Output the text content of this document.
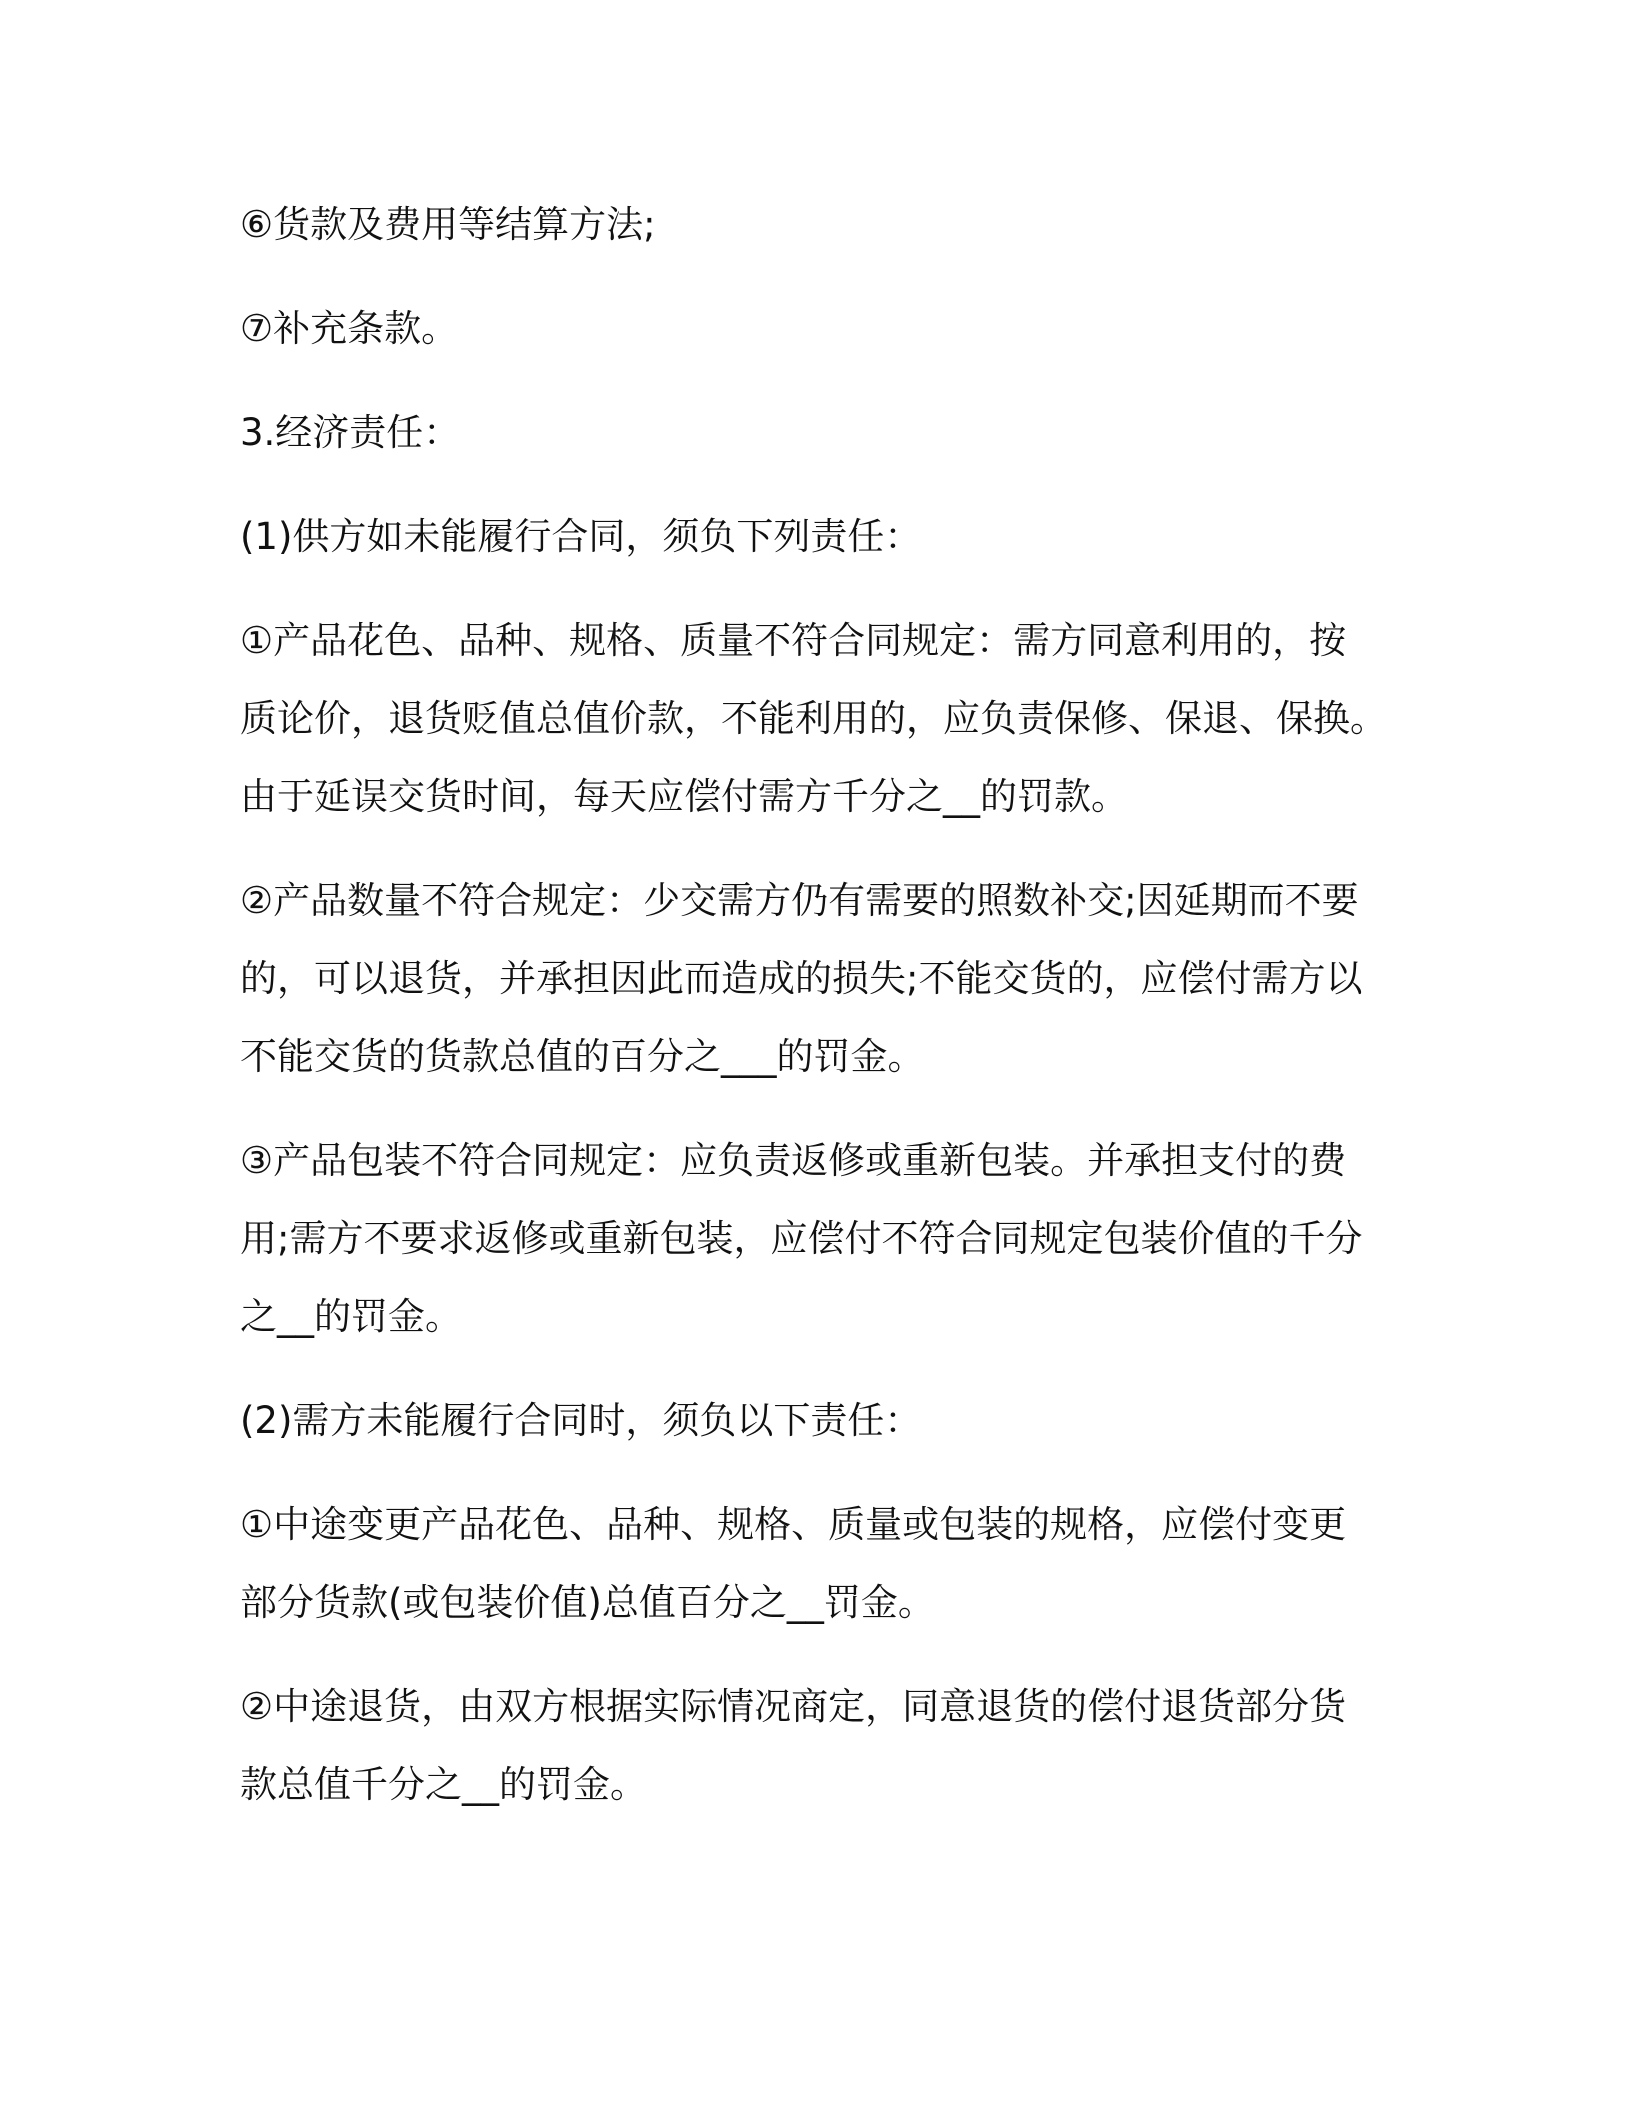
⑥货款及费用等结算方法;

⑦补充条款。

3.经济责任：

(1)供方如未能履行合同，须负下列责任：

①产品花色、品种、规格、质量不符合同规定：需方同意利用的，按
质论价，退货贬值总值价款，不能利用的，应负责保修、保退、保换。
由于延误交货时间，每天应偿付需方千分之__的罚款。

②产品数量不符合规定：少交需方仍有需要的照数补交;因延期而不要
的，可以退货，并承担因此而造成的损失;不能交货的，应偿付需方以
不能交货的货款总值的百分之___的罚金。

③产品包装不符合同规定：应负责返修或重新包装。并承担支付的费
用;需方不要求返修或重新包装，应偿付不符合同规定包装价值的千分
之__的罚金。

(2)需方未能履行合同时，须负以下责任：

①中途变更产品花色、品种、规格、质量或包装的规格，应偿付变更
部分货款(或包装价值)总值百分之__罚金。

②中途退货，由双方根据实际情况商定，同意退货的偿付退货部分货
款总值千分之__的罚金。
